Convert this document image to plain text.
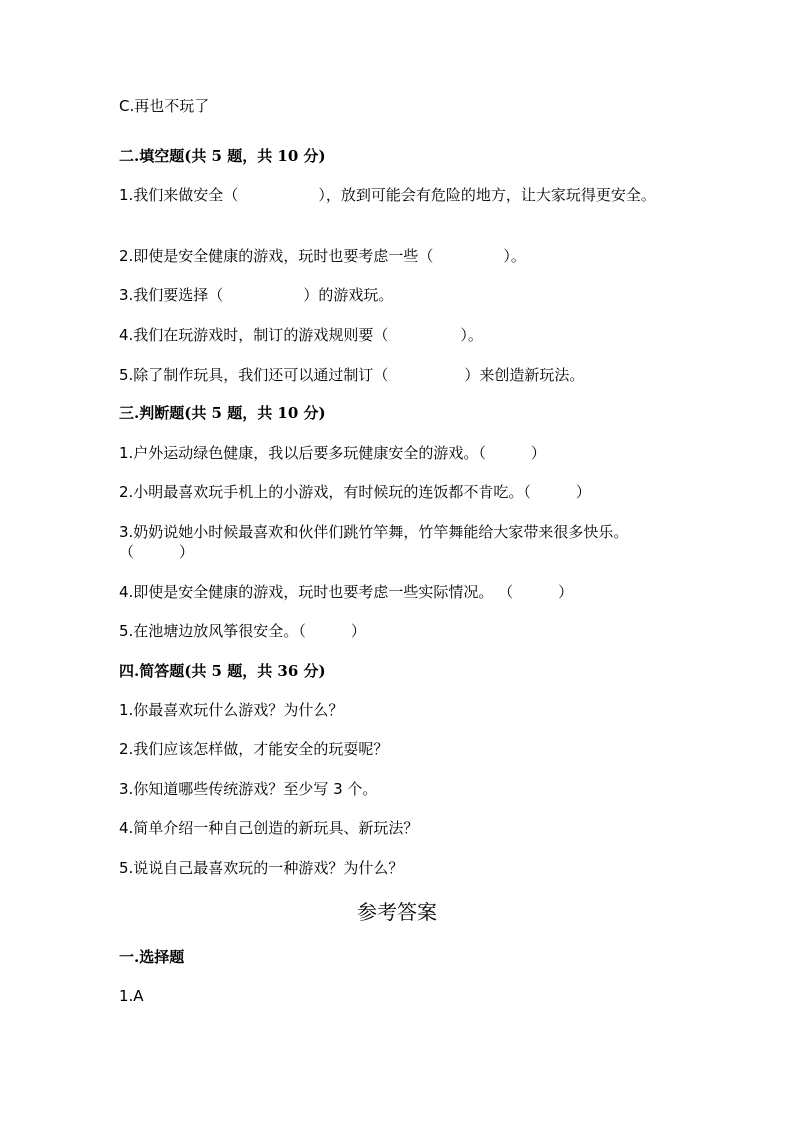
C.再也不玩了
二.填空题(共 5 题，共 10 分)
1.我们来做安全（	），放到可能会有危险的地方，让大家玩得更安全。
2.即使是安全健康的游戏，玩时也要考虑一些（	）。
3.我们要选择（	）的游戏玩。
4.我们在玩游戏时，制订的游戏规则要（	）。
5.除了制作玩具，我们还可以通过制订（	）来创造新玩法。
三.判断题(共 5 题，共 10 分)
1.户外运动绿色健康，我以后要多玩健康安全的游戏。（　　　）
2.小明最喜欢玩手机上的小游戏，有时候玩的连饭都不肯吃。（　　　）
3.奶奶说她小时候最喜欢和伙伴们跳竹竿舞，竹竿舞能给大家带来很多快乐。（　　　）
4.即使是安全健康的游戏，玩时也要考虑一些实际情况。 （　　　）
5.在池塘边放风筝很安全。（　　　）
四.简答题(共 5 题，共 36 分)
1.你最喜欢玩什么游戏？为什么？
2.我们应该怎样做，才能安全的玩耍呢？
3.你知道哪些传统游戏？至少写 3 个。
4.简单介绍一种自己创造的新玩具、新玩法？
5.说说自己最喜欢玩的一种游戏？为什么？
参考答案
一.选择题
1.A
